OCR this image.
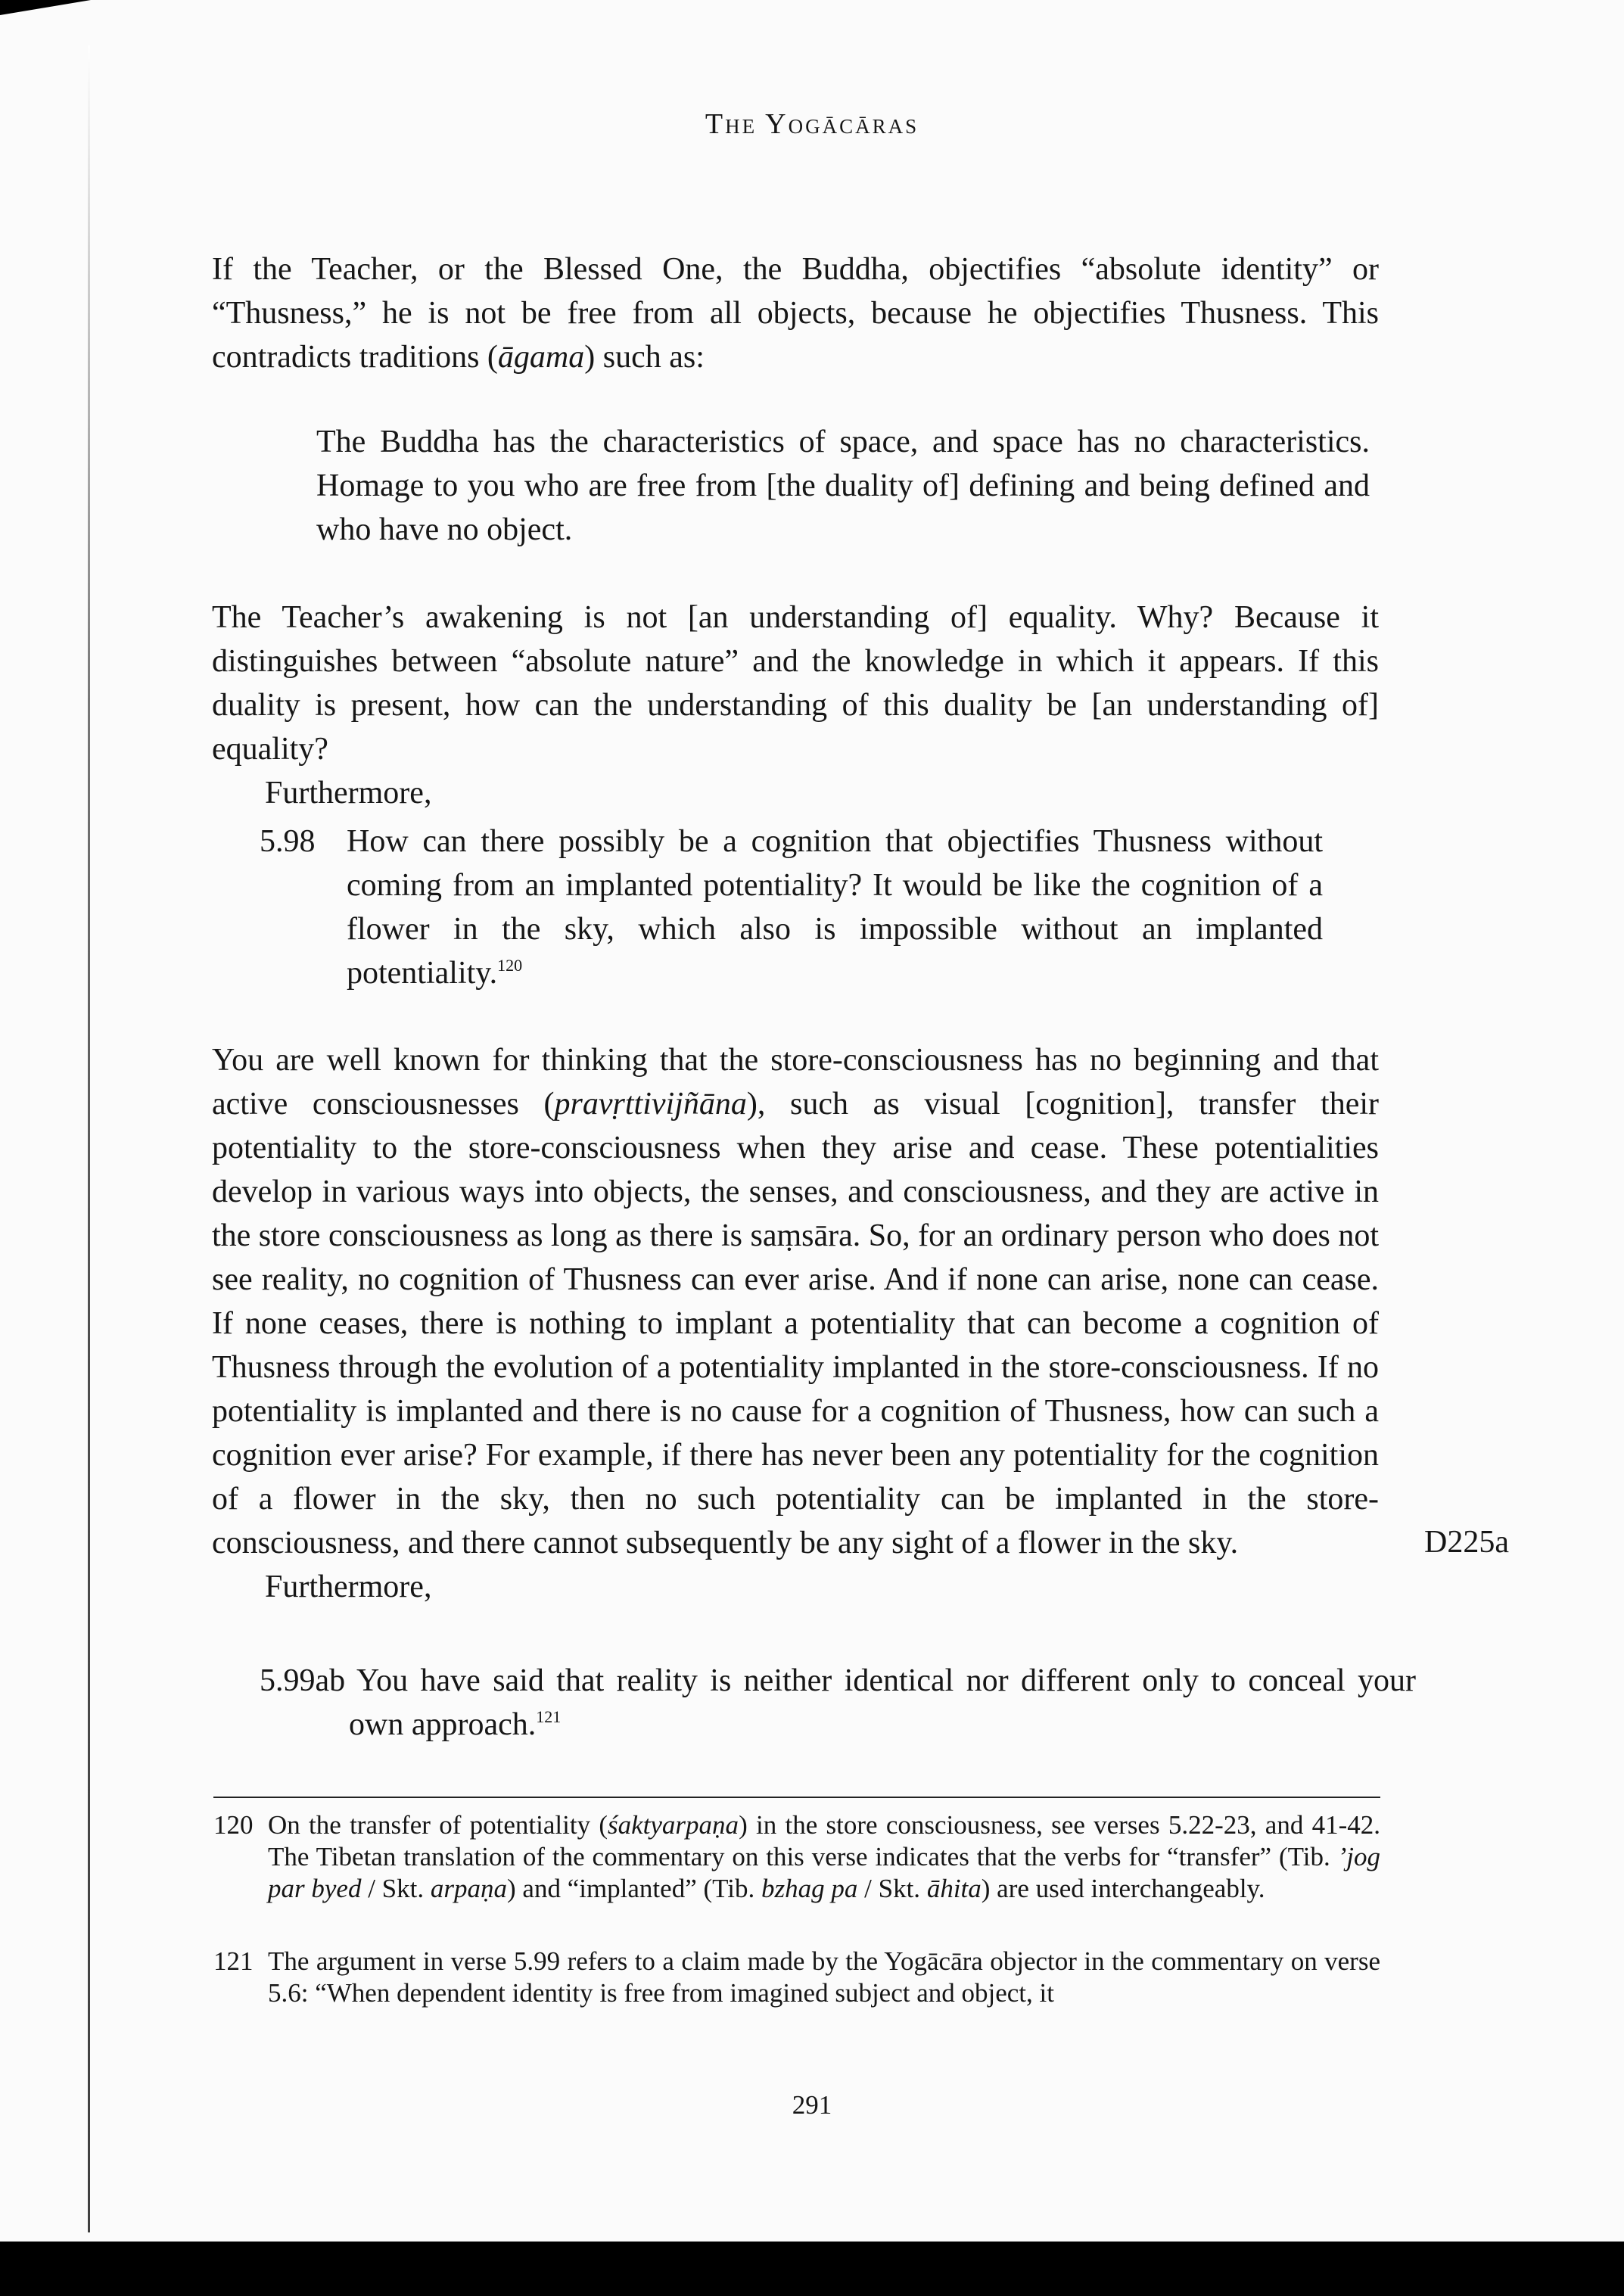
The Yogācāras

If the Teacher, or the Blessed One, the Buddha, objectifies “absolute identity” or “Thusness,” he is not be free from all objects, because he objectifies Thusness. This contradicts traditions (āgama) such as:

The Buddha has the characteristics of space, and space has no characteristics. Homage to you who are free from [the duality of] defining and being defined and who have no object.

The Teacher’s awakening is not [an understanding of] equality. Why? Because it distinguishes between “absolute nature” and the knowledge in which it appears. If this duality is present, how can the understanding of this duality be [an understanding of] equality?

Furthermore,

5.98 How can there possibly be a cognition that objectifies Thusness without coming from an implanted potentiality? It would be like the cognition of a flower in the sky, which also is impossible without an implanted potentiality.$^{120}$

You are well known for thinking that the store-consciousness has no beginning and that active consciousnesses (pravṛttivijñāna), such as visual [cognition], transfer their potentiality to the store-consciousness when they arise and cease. These potentialities develop in various ways into objects, the senses, and consciousness, and they are active in the store consciousness as long as there is saṃsāra. So, for an ordinary person who does not see reality, no cognition of Thusness can ever arise. And if none can arise, none can cease. If none ceases, there is nothing to implant a potentiality that can become a cognition of Thusness through the evolution of a potentiality implanted in the store-consciousness. If no potentiality is implanted and there is no cause for a cognition of Thusness, how can such a cognition ever arise? For example, if there has never been any potentiality for the cognition of a flower in the sky, then no such potentiality can be implanted in the store-consciousness, and there cannot subsequently be any sight of a flower in the sky.

Furthermore,

D225a
5.99ab You have said that reality is neither identical nor different only to conceal your own approach.$^{121}$
120 On the transfer of potentiality (śaktyarpaṇa) in the store consciousness, see verses 5.22-23, and 41-42. The Tibetan translation of the commentary on this verse indicates that the verbs for “transfer” (Tib. ’jog par byed / Skt. arpaṇa) and “implanted” (Tib. bzhag pa / Skt. āhita) are used interchangeably.
121 The argument in verse 5.99 refers to a claim made by the Yogācāra objector in the commentary on verse 5.6: “When dependent identity is free from imagined subject and object, it
291
